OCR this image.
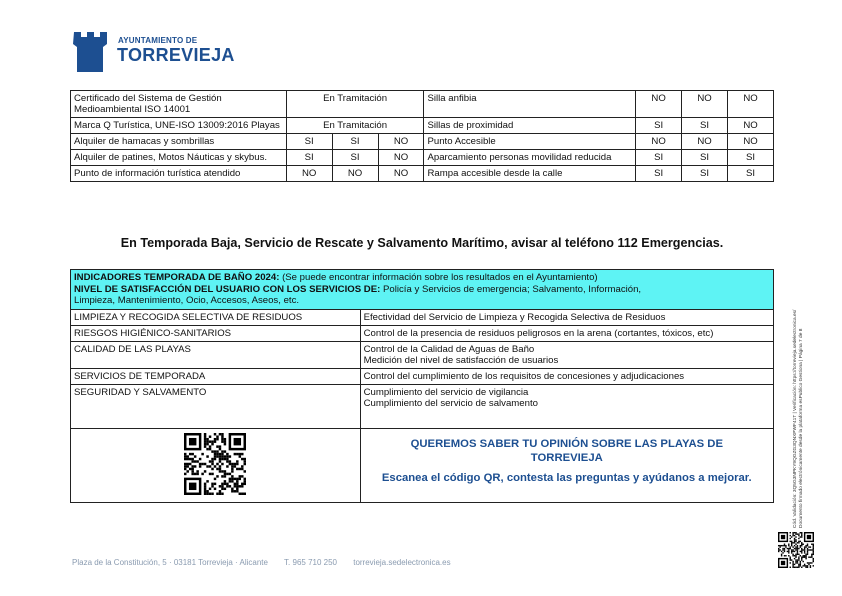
AYUNTAMIENTO DE
TORREVIEJA
Certificado del Sistema de Gestión Medioambiental ISO 14001	En Tramitación			Silla anfibia	NO	NO	NO
Marca Q Turística, UNE-ISO 13009:2016 Playas	En Tramitación			Sillas de proximidad	SI	SI	NO
Alquiler de hamacas y sombrillas	SI	SI	NO	Punto Accesible	NO	NO	NO
Alquiler de patines, Motos Náuticas y skybus.	SI	SI	NO	Aparcamiento personas movilidad reducida	SI	SI	SI
Punto de información turística atendido	NO	NO	NO	Rampa accesible desde la calle	SI	SI	SI
En Temporada Baja, Servicio de Rescate y Salvamento Marítimo, avisar al teléfono 112 Emergencias.
INDICADORES TEMPORADA DE BAÑO 2024: (Se puede encontrar información sobre los resultados en el Ayuntamiento)
NIVEL DE SATISFACCIÓN DEL USUARIO CON LOS SERVICIOS DE: Policía y Servicios de emergencia; Salvamento, Información,
Limpieza, Mantenimiento, Ocio, Accesos, Aseos, etc.	
LIMPIEZA Y RECOGIDA SELECTIVA DE RESIDUOS	Efectividad del Servicio de Limpieza y Recogida Selectiva de Residuos

RIESGOS HIGIÉNICO-SANITARIOS	Control de la presencia de residuos peligrosos en la arena (cortantes, tóxicos, etc)

CALIDAD DE LAS PLAYAS	Control de la Calidad de Aguas de Baño
Medición del nivel de satisfacción de usuarios

SERVICIOS DE TEMPORADA	Control del cumplimiento de los requisitos de concesiones y adjudicaciones

SEGURIDAD Y SALVAMENTO	Cumplimiento del servicio de vigilancia
Cumplimiento del servicio de salvamento

QUEREMOS SABER TU OPINIÓN SOBRE LAS PLAYAS DE
TORREVIEJA
Escanea el código QR, contesta las preguntas y ayúdanos a mejorar.	Cód. Validación: 3Q5G3NPKY9QGZG3QNXPWF41T | Verificación: https://torrevieja.sedelectronica.es/ Documento firmado electrónicamente desde la plataforma esPublico Gestiona | Página 7 de 8
Plaza de la Constitución, 5 · 03181 Torrevieja · Alicante T. 965 710 250 torrevieja.sedelectronica.es
